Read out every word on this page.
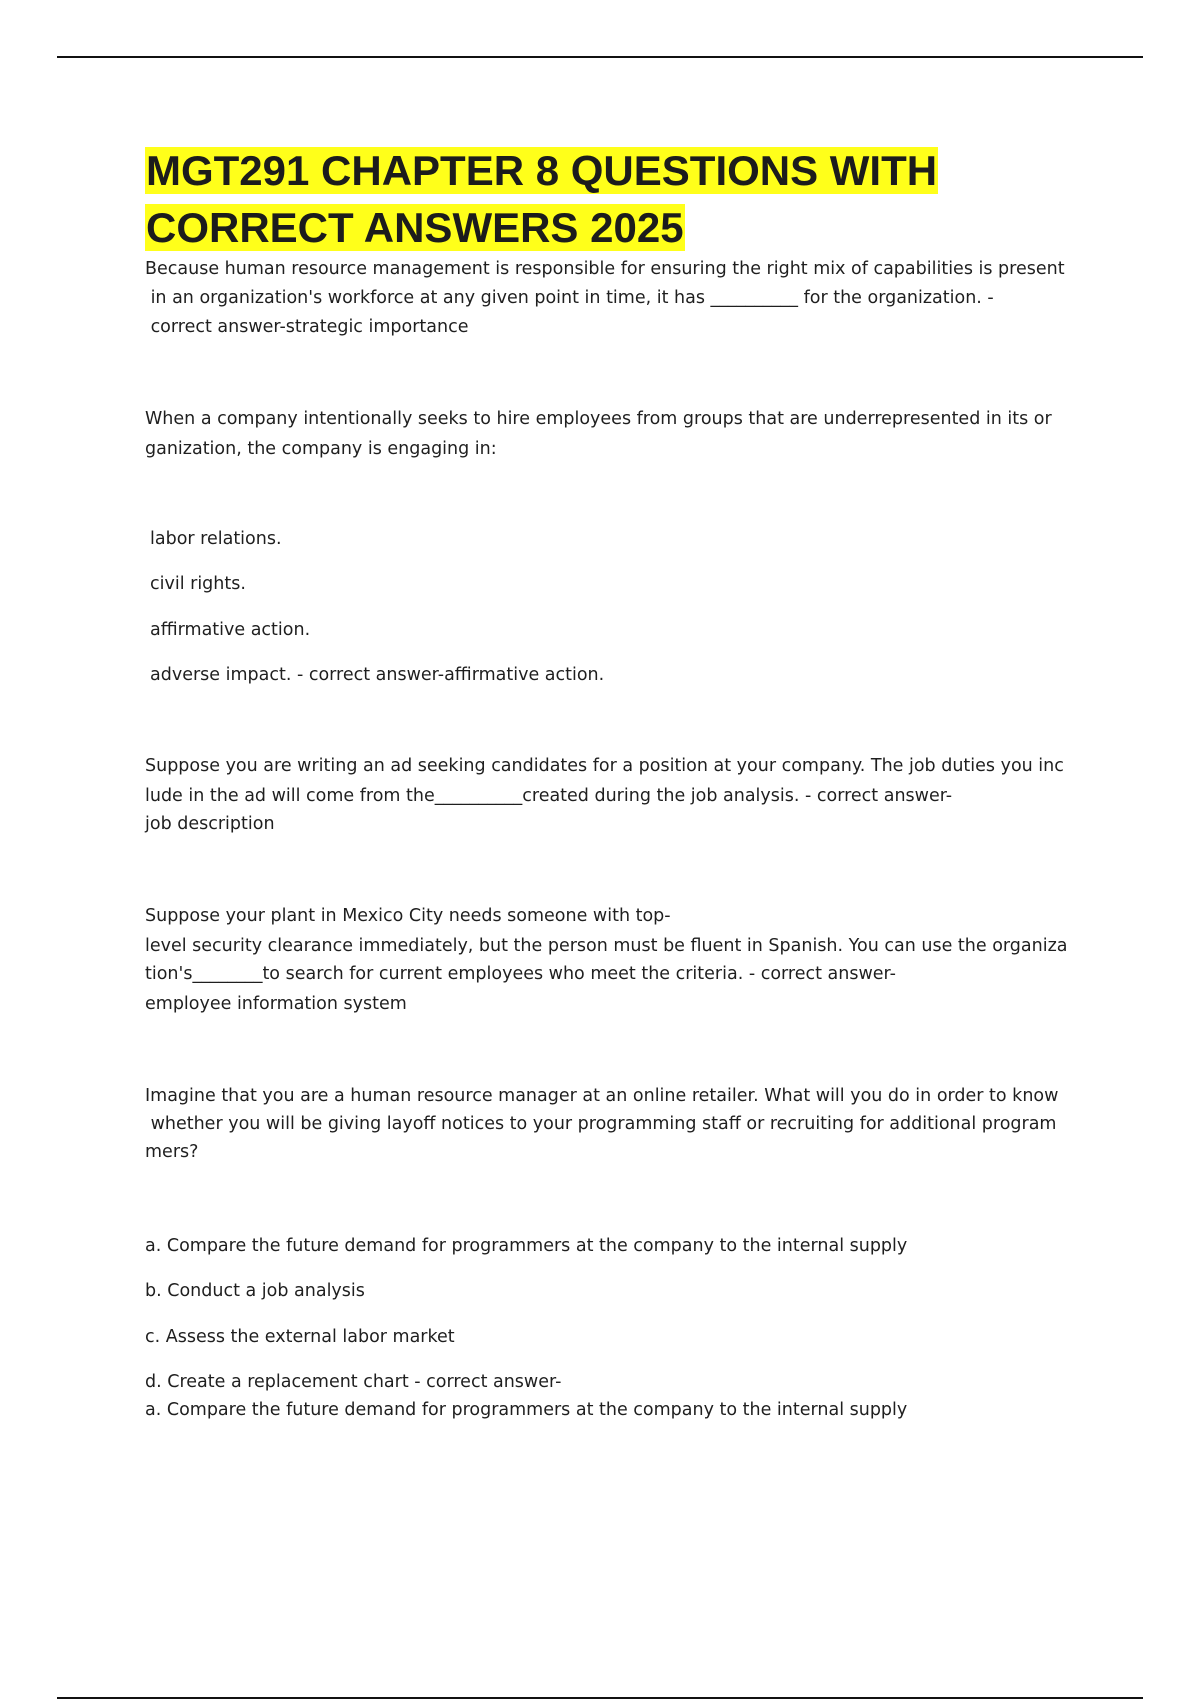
MGT291 CHAPTER 8 QUESTIONS WITH
CORRECT ANSWERS 2025
Because human resource management is responsible for ensuring the right mix of capabilities is present
in an organization's workforce at any given point in time, it has __________ for the organization. -
correct answer-strategic importance
When a company intentionally seeks to hire employees from groups that are underrepresented in its or
ganization, the company is engaging in:
labor relations.
civil rights.
affirmative action.
adverse impact. - correct answer-affirmative action.
Suppose you are writing an ad seeking candidates for a position at your company. The job duties you inc
lude in the ad will come from the__________created during the job analysis. - correct answer-
job description
Suppose your plant in Mexico City needs someone with top-
level security clearance immediately, but the person must be fluent in Spanish. You can use the organiza
tion's________to search for current employees who meet the criteria. - correct answer-
employee information system
Imagine that you are a human resource manager at an online retailer. What will you do in order to know
whether you will be giving layoff notices to your programming staff or recruiting for additional program
mers?
a. Compare the future demand for programmers at the company to the internal supply
b. Conduct a job analysis
c. Assess the external labor market
d. Create a replacement chart - correct answer-
a. Compare the future demand for programmers at the company to the internal supply
